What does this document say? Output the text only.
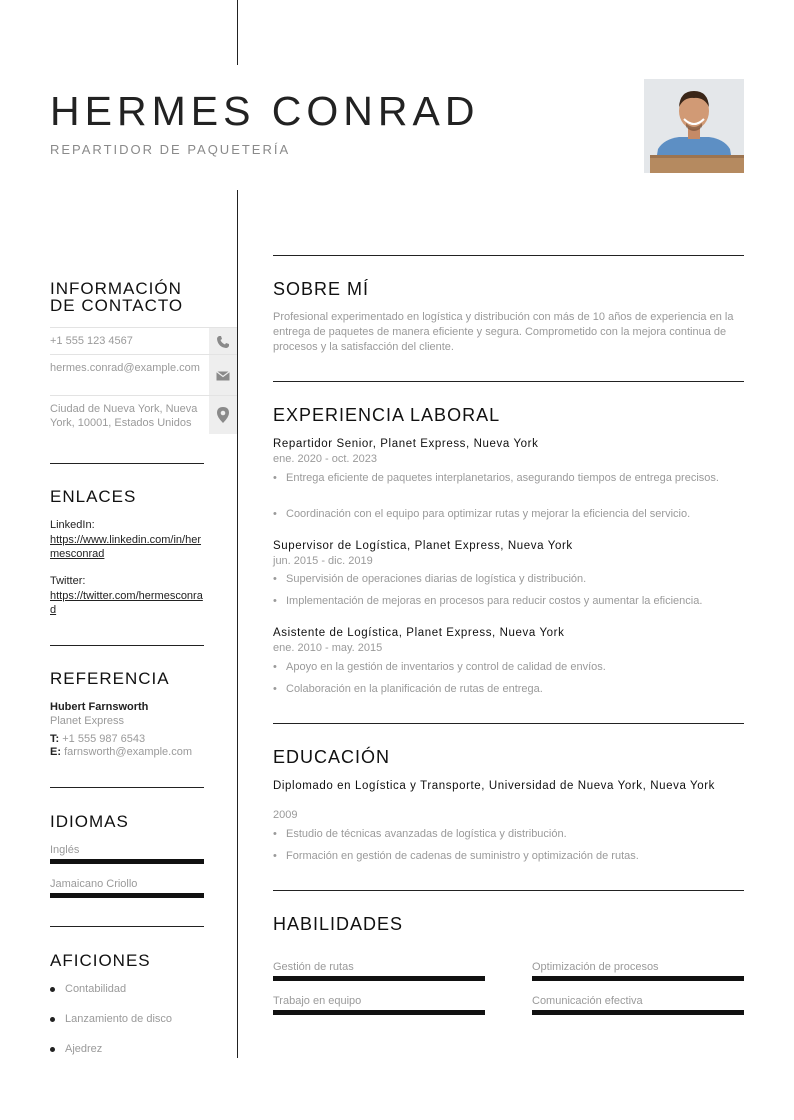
HERMES CONRAD
REPARTIDOR DE PAQUETERÍA
INFORMACIÓN
DE CONTACTO
+1 555 123 4567
hermes.conrad@example.com
Ciudad de Nueva York, Nueva York, 10001, Estados Unidos
ENLACES
LinkedIn:
https://www.linkedin.com/in/hermesconrad
Twitter:
https://twitter.com/hermesconrad
REFERENCIA
Hubert Farnsworth
Planet Express
T: +1 555 987 6543
E: farnsworth@example.com
IDIOMAS
Inglés
Jamaicano Criollo
AFICIONES
Contabilidad
Lanzamiento de disco
Ajedrez
SOBRE MÍ
Profesional experimentado en logística y distribución con más de 10 años de experiencia en la entrega de paquetes de manera eficiente y segura. Comprometido con la mejora continua de procesos y la satisfacción del cliente.
EXPERIENCIA LABORAL
Repartidor Senior, Planet Express, Nueva York
ene. 2020 - oct. 2023
• Entrega eficiente de paquetes interplanetarios, asegurando tiempos de entrega precisos.
• Coordinación con el equipo para optimizar rutas y mejorar la eficiencia del servicio.
Supervisor de Logística, Planet Express, Nueva York
jun. 2015 - dic. 2019
• Supervisión de operaciones diarias de logística y distribución.
• Implementación de mejoras en procesos para reducir costos y aumentar la eficiencia.
Asistente de Logística, Planet Express, Nueva York
ene. 2010 - may. 2015
• Apoyo en la gestión de inventarios y control de calidad de envíos.
• Colaboración en la planificación de rutas de entrega.
EDUCACIÓN
Diplomado en Logística y Transporte, Universidad de Nueva York, Nueva York
2009
• Estudio de técnicas avanzadas de logística y distribución.
• Formación en gestión de cadenas de suministro y optimización de rutas.
HABILIDADES
Gestión de rutas	Optimización de procesos
Trabajo en equipo	Comunicación efectiva
